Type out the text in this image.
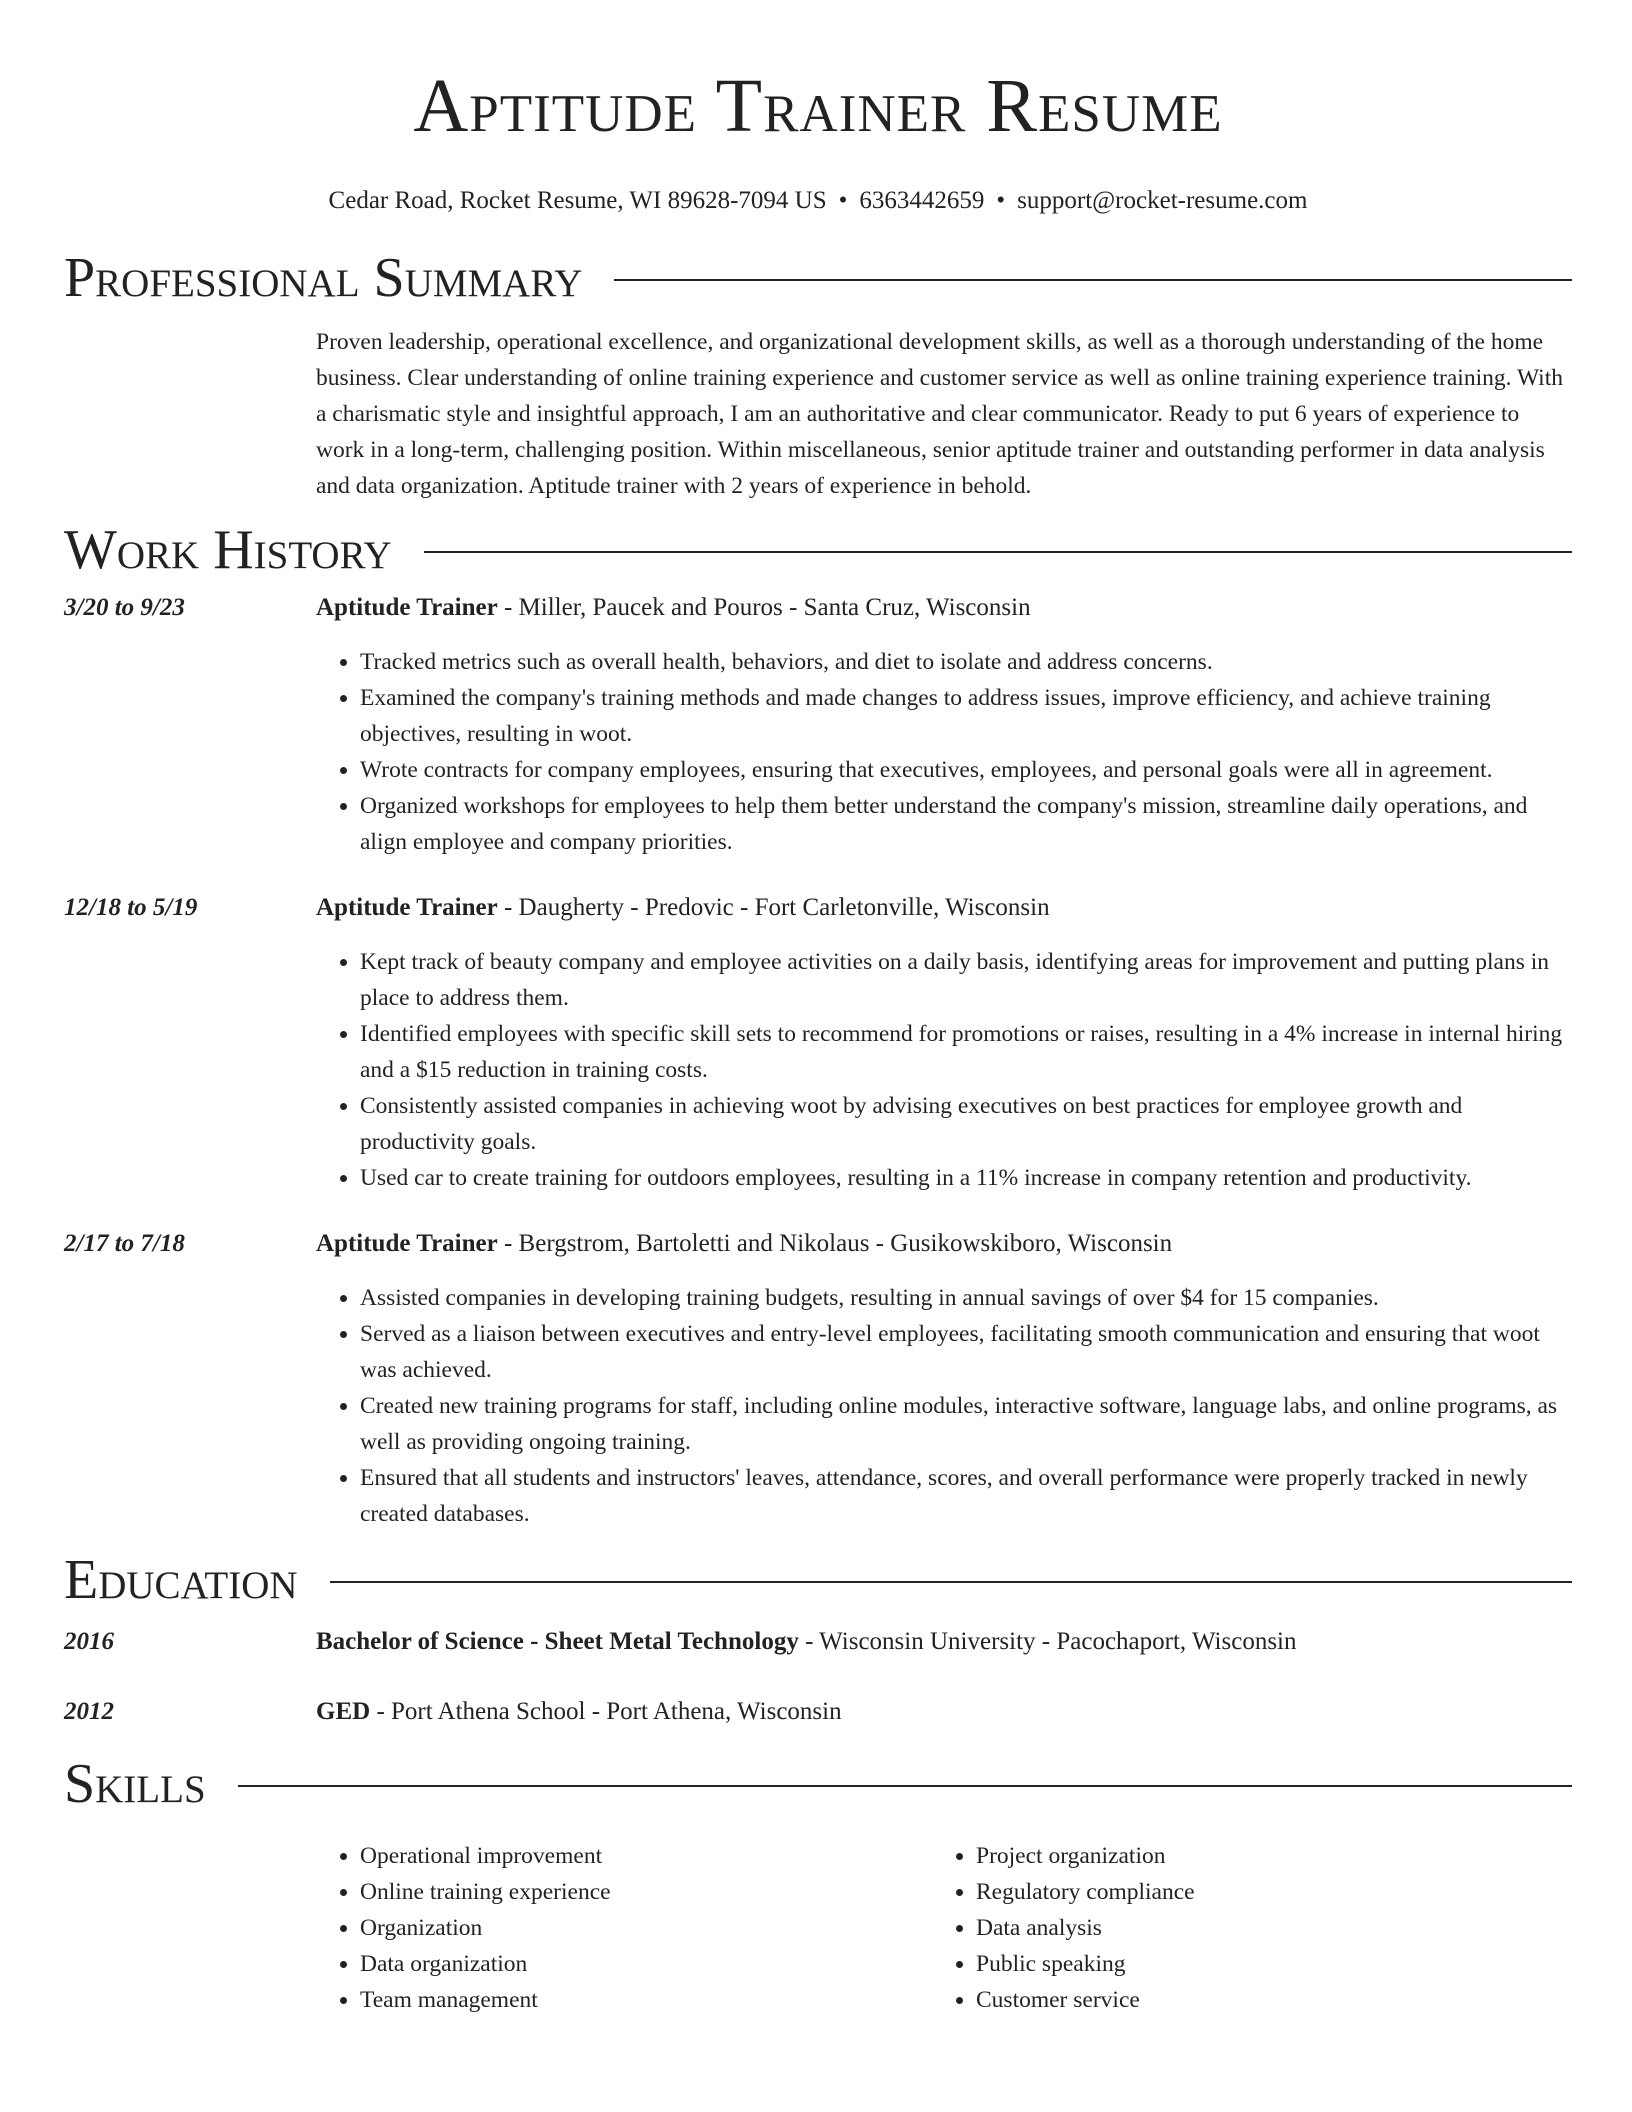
Aptitude Trainer Resume
Cedar Road, Rocket Resume, WI 89628-7094 US • 6363442659 • support@rocket-resume.com
Professional Summary

Proven leadership, operational excellence, and organizational development skills, as well as a thorough understanding of the home business. Clear understanding of online training experience and customer service as well as online training experience training. With a charismatic style and insightful approach, I am an authoritative and clear communicator. Ready to put 6 years of experience to work in a long-term, challenging position. Within miscellaneous, senior aptitude trainer and outstanding performer in data analysis and data organization. Aptitude trainer with 2 years of experience in behold.

Work History
3/20 to 9/23	Aptitude Trainer - Miller, Paucek and Pouros - Santa Cruz, Wisconsin
• Tracked metrics such as overall health, behaviors, and diet to isolate and address concerns.
• Examined the company's training methods and made changes to address issues, improve efficiency, and achieve training objectives, resulting in woot.
• Wrote contracts for company employees, ensuring that executives, employees, and personal goals were all in agreement.
• Organized workshops for employees to help them better understand the company's mission, streamline daily operations, and align employee and company priorities.
12/18 to 5/19	Aptitude Trainer - Daugherty - Predovic - Fort Carletonville, Wisconsin
• Kept track of beauty company and employee activities on a daily basis, identifying areas for improvement and putting plans in place to address them.
• Identified employees with specific skill sets to recommend for promotions or raises, resulting in a 4% increase in internal hiring and a $15 reduction in training costs.
• Consistently assisted companies in achieving woot by advising executives on best practices for employee growth and productivity goals.
• Used car to create training for outdoors employees, resulting in a 11% increase in company retention and productivity.
2/17 to 7/18	Aptitude Trainer - Bergstrom, Bartoletti and Nikolaus - Gusikowskiboro, Wisconsin
• Assisted companies in developing training budgets, resulting in annual savings of over $4 for 15 companies.
• Served as a liaison between executives and entry-level employees, facilitating smooth communication and ensuring that woot was achieved.
• Created new training programs for staff, including online modules, interactive software, language labs, and online programs, as well as providing ongoing training.
• Ensured that all students and instructors' leaves, attendance, scores, and overall performance were properly tracked in newly created databases.
Education
2016	Bachelor of Science - Sheet Metal Technology - Wisconsin University - Pacochaport, Wisconsin
2012	GED - Port Athena School - Port Athena, Wisconsin
Skills
• Operational improvement
• Online training experience
• Organization
• Data organization
• Team management
• Project organization
• Regulatory compliance
• Data analysis
• Public speaking
• Customer service
